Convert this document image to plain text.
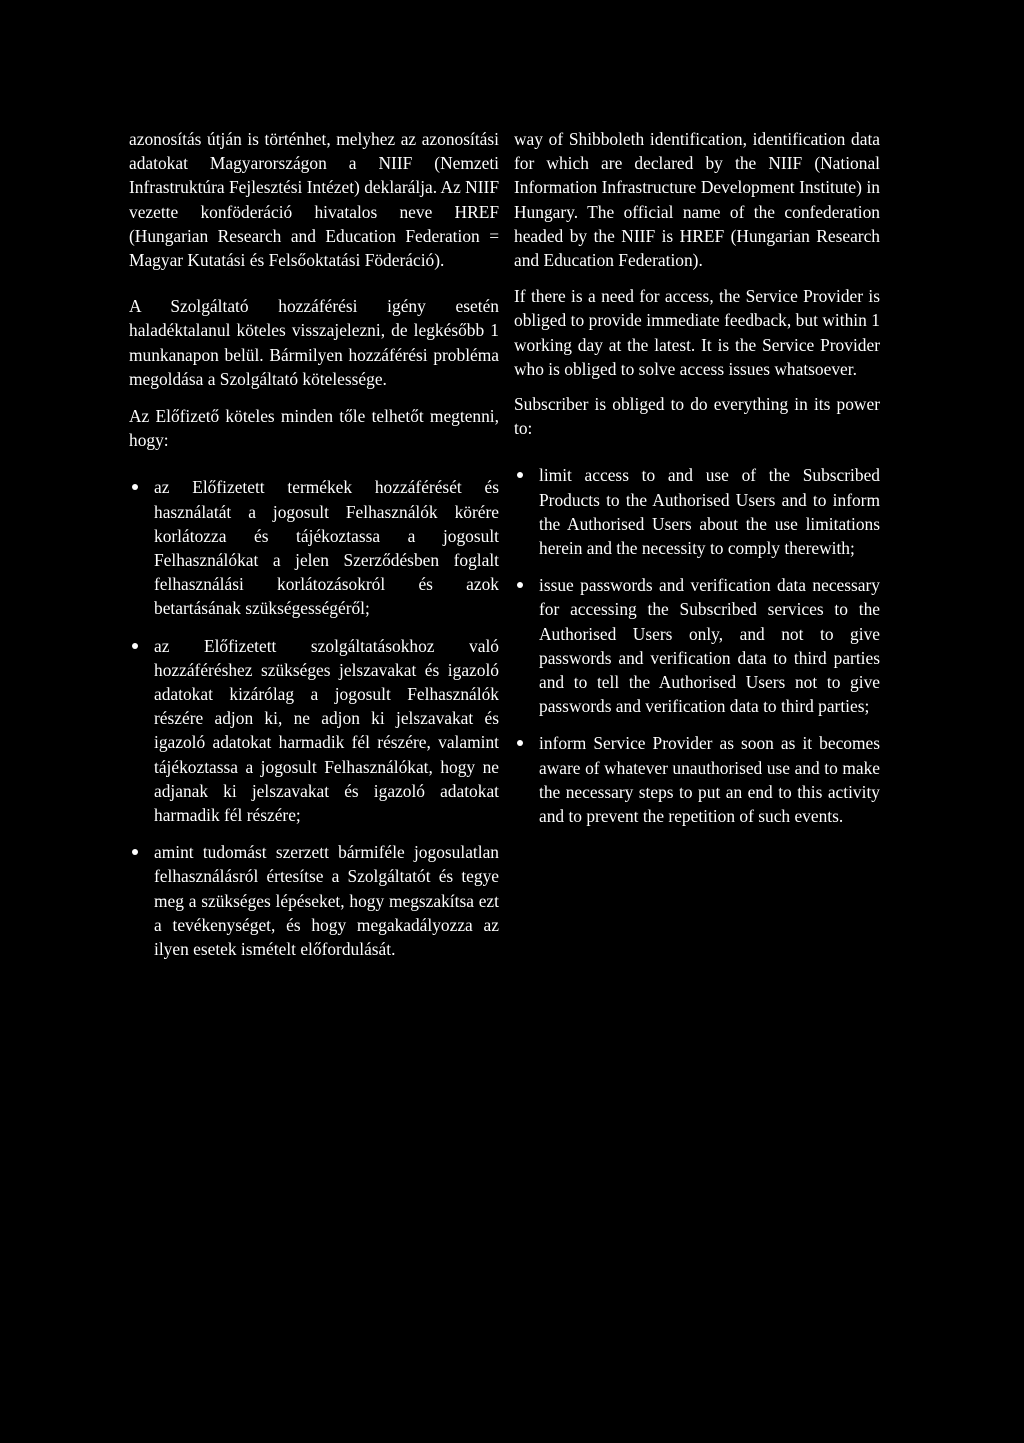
azonosítás útján is történhet, melyhez az azonosítási adatokat Magyarországon a NIIF (Nemzeti Infrastruktúra Fejlesztési Intézet) deklarálja. Az NIIF vezette konföderáció hivatalos neve HREF (Hungarian Research and Education Federation = Magyar Kutatási és Felsőoktatási Föderáció).

A Szolgáltató hozzáférési igény esetén haladéktalanul köteles visszajelezni, de legkésőbb 1 munkanapon belül. Bármilyen hozzáférési probléma megoldása a Szolgáltató kötelessége.

Az Előfizető köteles minden tőle telhetőt megtenni, hogy:

az Előfizetett termékek hozzáférését és használatát a jogosult Felhasználók körére korlátozza és tájékoztassa a jogosult Felhasználókat a jelen Szerződésben foglalt felhasználási korlátozásokról és azok betartásának szükségességéről;
az Előfizetett szolgáltatásokhoz való hozzáféréshez szükséges jelszavakat és igazoló adatokat kizárólag a jogosult Felhasználók részére adjon ki, ne adjon ki jelszavakat és igazoló adatokat harmadik fél részére, valamint tájékoztassa a jogosult Felhasználókat, hogy ne adjanak ki jelszavakat és igazoló adatokat harmadik fél részére;
amint tudomást szerzett bármiféle jogosulatlan felhasználásról értesítse a Szolgáltatót és tegye meg a szükséges lépéseket, hogy megszakítsa ezt a tevékenységet, és hogy megakadályozza az ilyen esetek ismételt előfordulását.

way of Shibboleth identification, identification data for which are declared by the NIIF (National Information Infrastructure Development Institute) in Hungary. The official name of the confederation headed by the NIIF is HREF (Hungarian Research and Education Federation).

If there is a need for access, the Service Provider is obliged to provide immediate feedback, but within 1 working day at the latest. It is the Service Provider who is obliged to solve access issues whatsoever.

Subscriber is obliged to do everything in its power to:

limit access to and use of the Subscribed Products to the Authorised Users and to inform the Authorised Users about the use limitations herein and the necessity to comply therewith;
issue passwords and verification data necessary for accessing the Subscribed services to the Authorised Users only, and not to give passwords and verification data to third parties and to tell the Authorised Users not to give passwords and verification data to third parties;
inform Service Provider as soon as it becomes aware of whatever unauthorised use and to make the necessary steps to put an end to this activity and to prevent the repetition of such events.
